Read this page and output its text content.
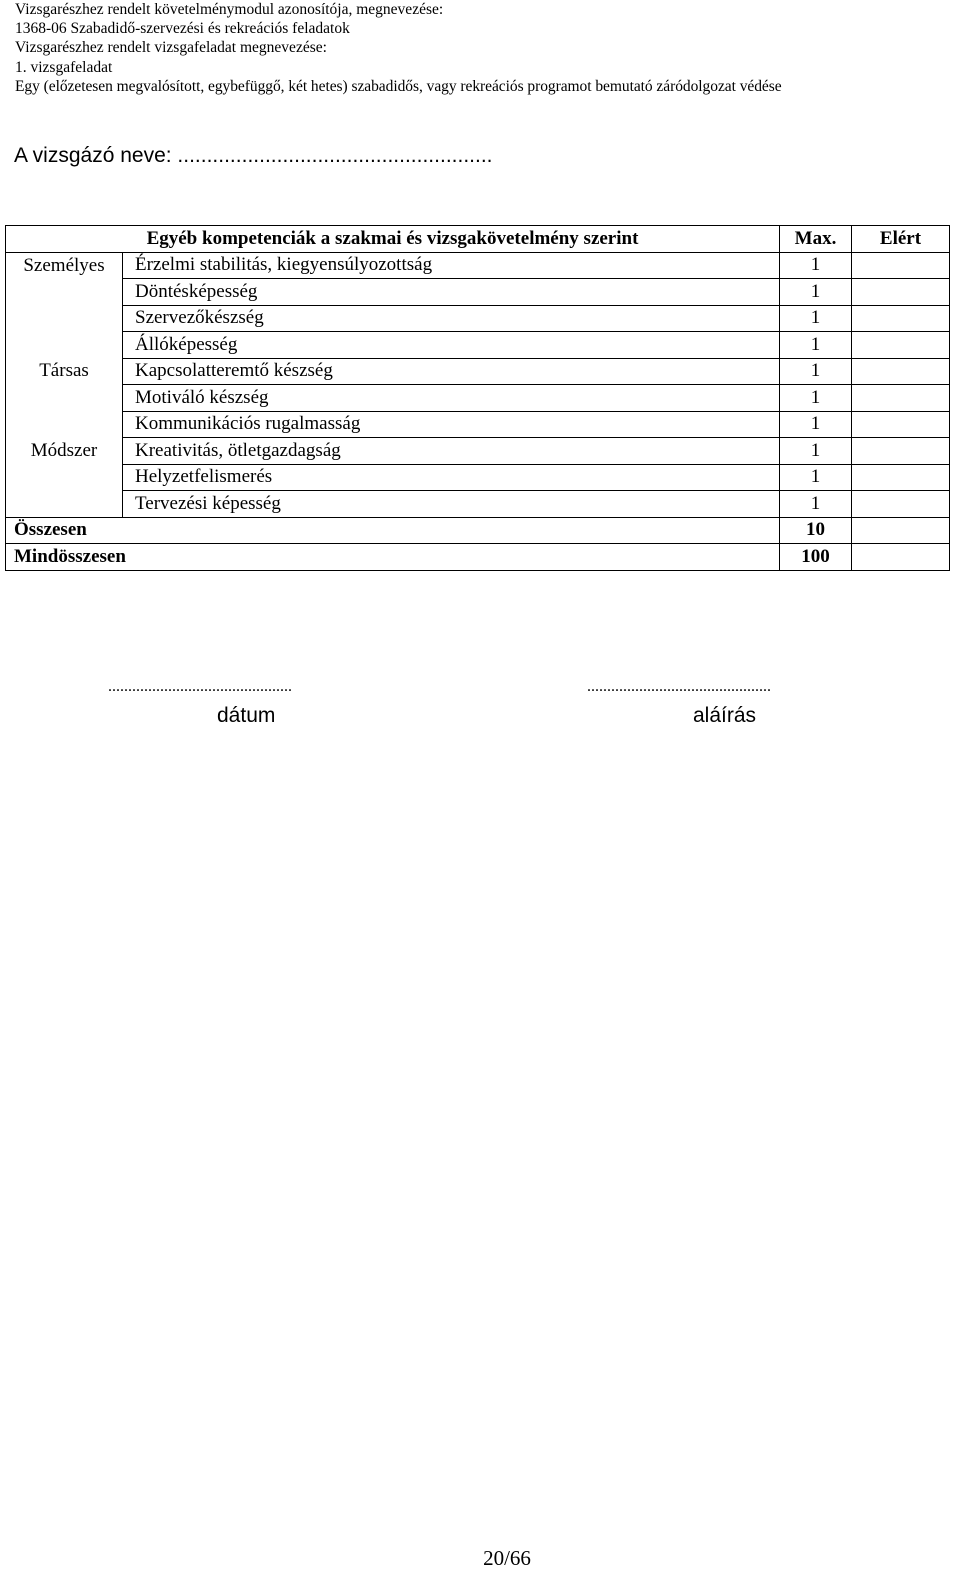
Vizsgarészhez rendelt követelménymodul azonosítója, megnevezése:
1368-06 Szabadidő-szervezési és rekreációs feladatok
Vizsgarészhez rendelt vizsgafeladat megnevezése:
1. vizsgafeladat
Egy (előzetesen megvalósított, egybefüggő, két hetes) szabadidős, vagy rekreációs programot bemutató záródolgozat védése
A vizsgázó neve: ......................................................
Egyéb kompetenciák a szakmai és vizsgakövetelmény szerint		Max.	Elért
Személyes	Érzelmi stabilitás, kiegyensúlyozottság	1	
	Döntésképesség	1	
	Szervezőkészség	1	
	Állóképesség	1	
Társas	Kapcsolatteremtő készség	1	
	Motiváló készség	1	
	Kommunikációs rugalmasság	1	
Módszer	Kreativitás, ötletgazdagság	1	
	Helyzetfelismerés	1	
	Tervezési képesség	1	
Összesen		10	
Mindösszesen		100	
..............................................
dátum
..............................................
aláírás
20/66
